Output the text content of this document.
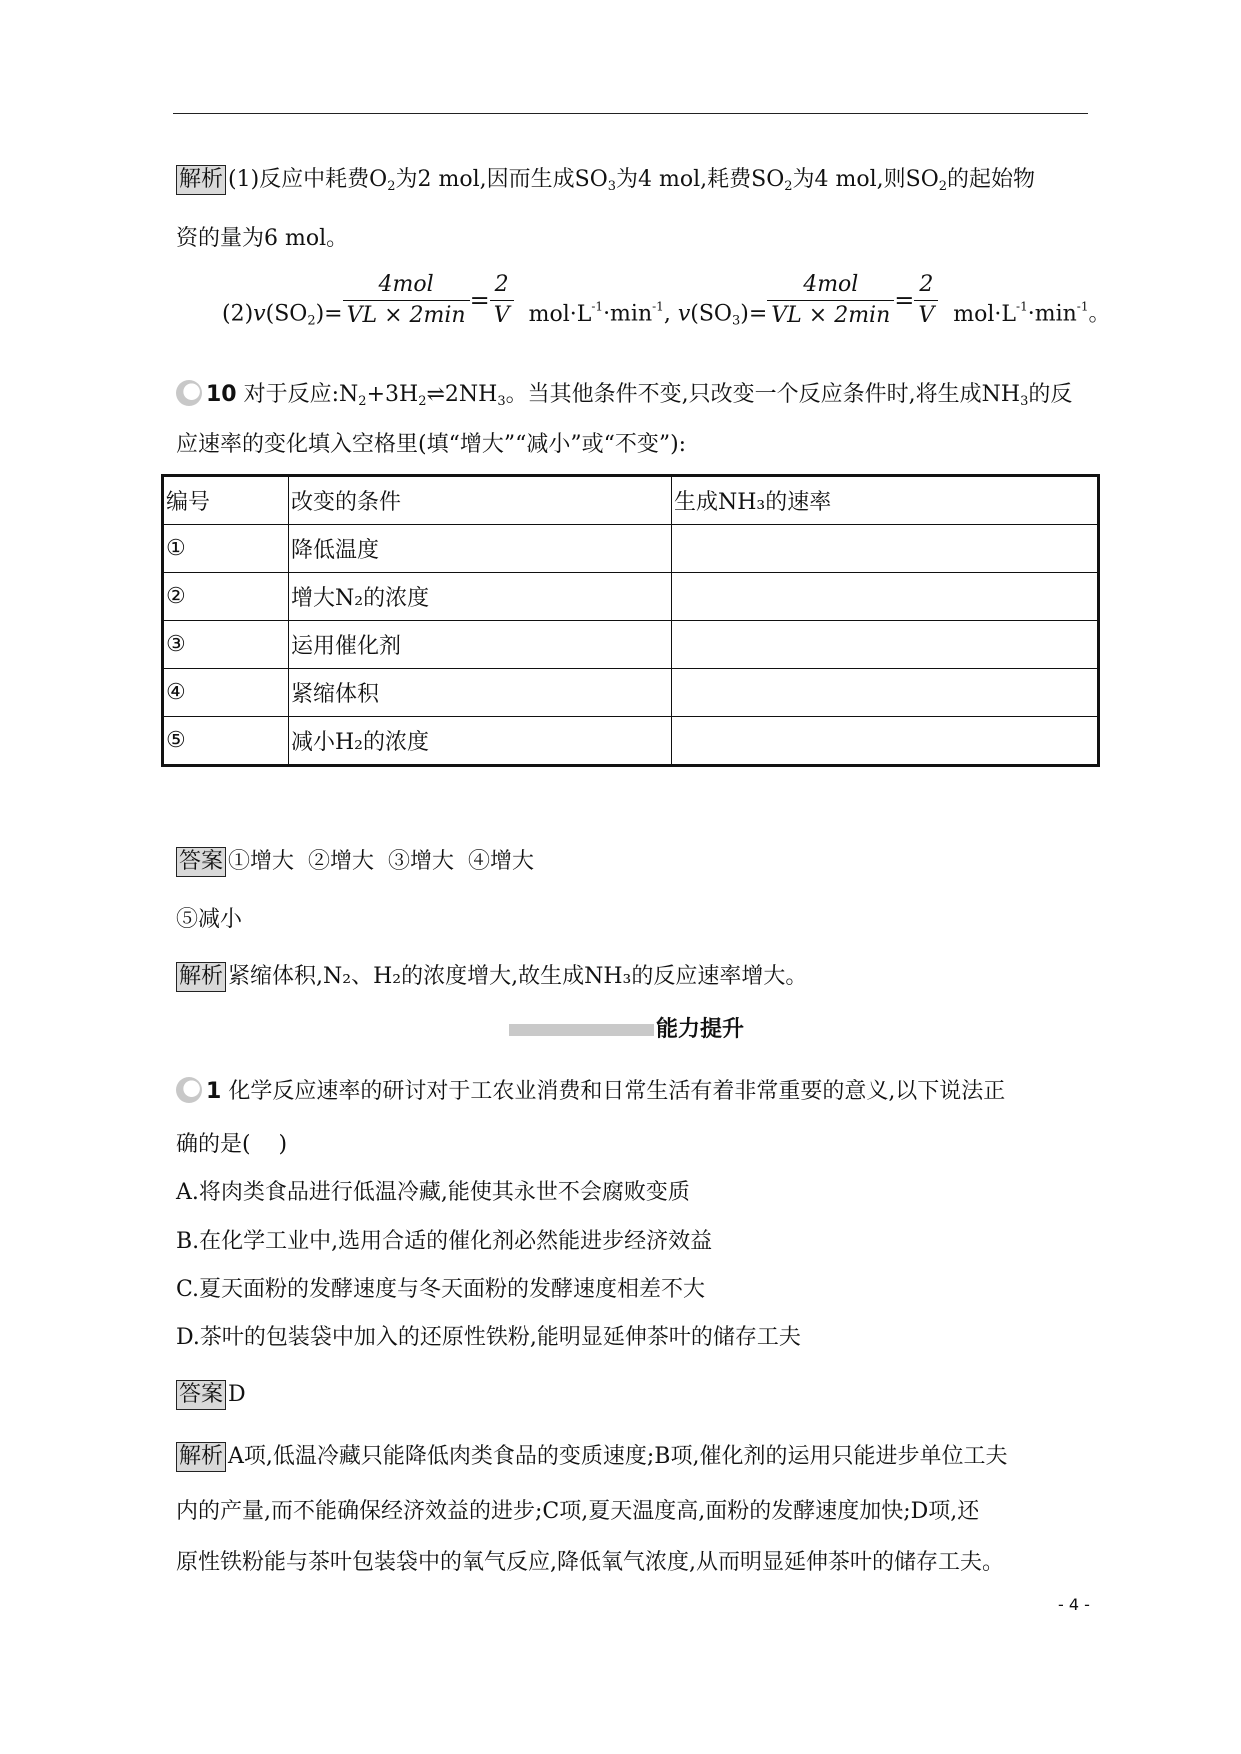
解析 (1)反应中耗费$O_2$为2 mol,因而生成$SO_3$为4 mol,耗费$SO_2$为4 mol,则$SO_2$的起始物
资的量为6 mol。
$(2)v(SO_2)= \frac{\text{4mol}}{VL \times 2\min} = \frac{2}{V} mol\cdot L_{-1}\cdot\min_{-1}$, $v(SO_3)= \frac{\text{4mol}}{VL \times 2\min} = \frac{2}{V} mol\cdot L_{-1}\cdot\min_{-1}$。
10 对于反应$:N_2+3H_2\rightleftharpoons 2NH_3$。当其他条件不变,只改变一个反应条件时,将生成$NH_3$的反
应速率的变化填入空格里(填“增大”“减小”或“不变”):
编号	改变的条件	生成NH₃的速率
①	降低温度	
②	增大N₂的浓度	
③	运用催化剂	
④	紧缩体积	
⑤	减小H₂的浓度	
答案 ①增大  ②增大  ③增大  ④增大
⑤减小
解析 紧缩体积,N₂、H₂的浓度增大,故生成NH₃的反应速率增大。
能力提升
1 化学反应速率的研讨对于工农业消费和日常生活有着非常重要的意义,以下说法正
确的是(    )
A.将肉类食品进行低温冷藏,能使其永世不会腐败变质
B.在化学工业中,选用合适的催化剂必然能进步经济效益
C.夏天面粉的发酵速度与冬天面粉的发酵速度相差不大
D.茶叶的包装袋中加入的还原性铁粉,能明显延伸茶叶的储存工夫
答案 D
解析 A项,低温冷藏只能降低肉类食品的变质速度;B项,催化剂的运用只能进步单位工夫
内的产量,而不能确保经济效益的进步;C项,夏天温度高,面粉的发酵速度加快;D项,还
原性铁粉能与茶叶包装袋中的氧气反应,降低氧气浓度,从而明显延伸茶叶的储存工夫。
- 4 -
